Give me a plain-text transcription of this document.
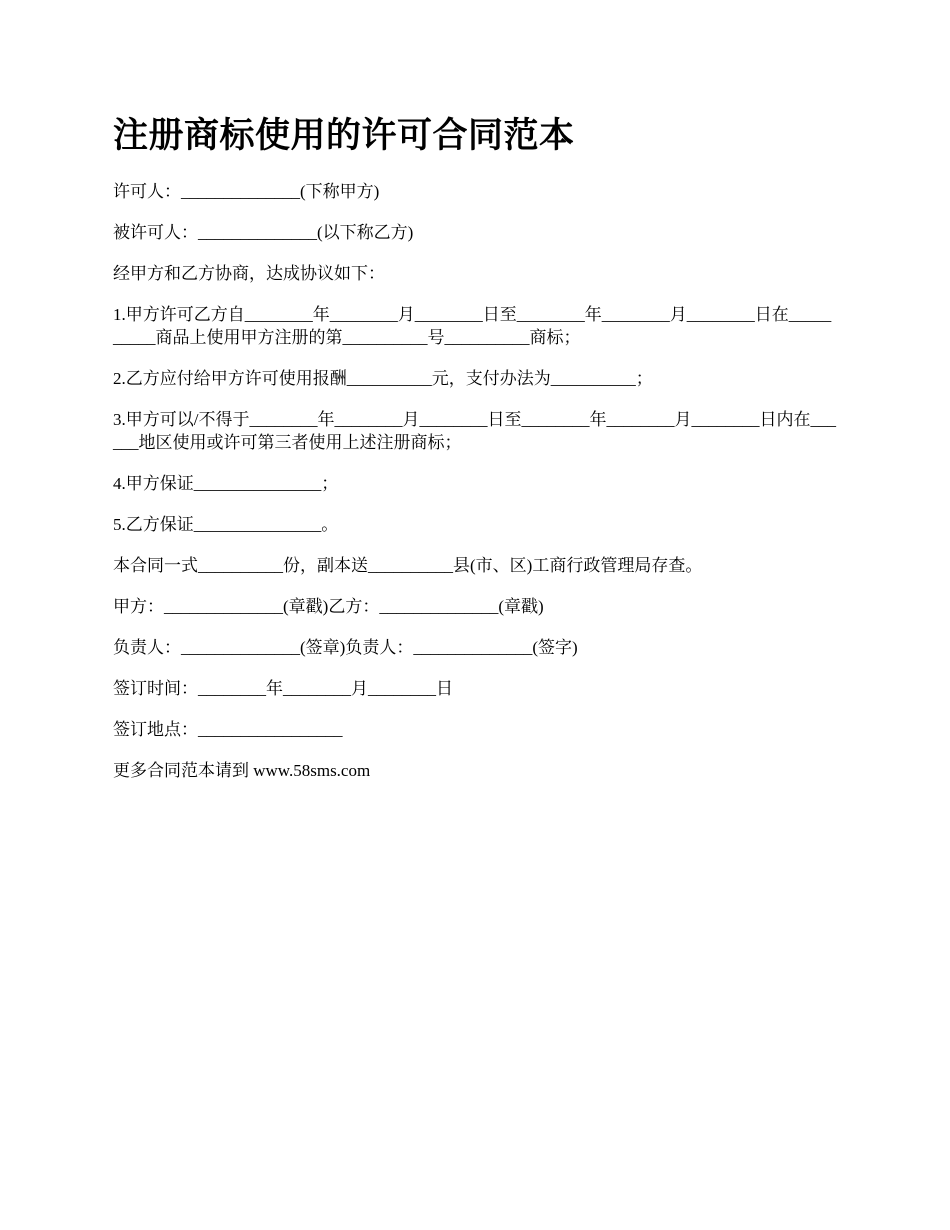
注册商标使用的许可合同范本

许可人：______________(下称甲方)

被许可人：______________(以下称乙方)

经甲方和乙方协商，达成协议如下：

1.甲方许可乙方自________年________月________日至________年________月________日在__________商品上使用甲方注册的第__________号__________商标；

2.乙方应付给甲方许可使用报酬__________元，支付办法为__________；

3.甲方可以/不得于________年________月________日至________年________月________日内在______地区使用或许可第三者使用上述注册商标；

4.甲方保证_______________；

5.乙方保证_______________。

本合同一式__________份，副本送__________县(市、区)工商行政管理局存查。

甲方：______________(章戳)乙方：______________(章戳)

负责人：______________(签章)负责人：______________(签字)

签订时间：________年________月________日

签订地点：_________________

更多合同范本请到 www.58sms.com
